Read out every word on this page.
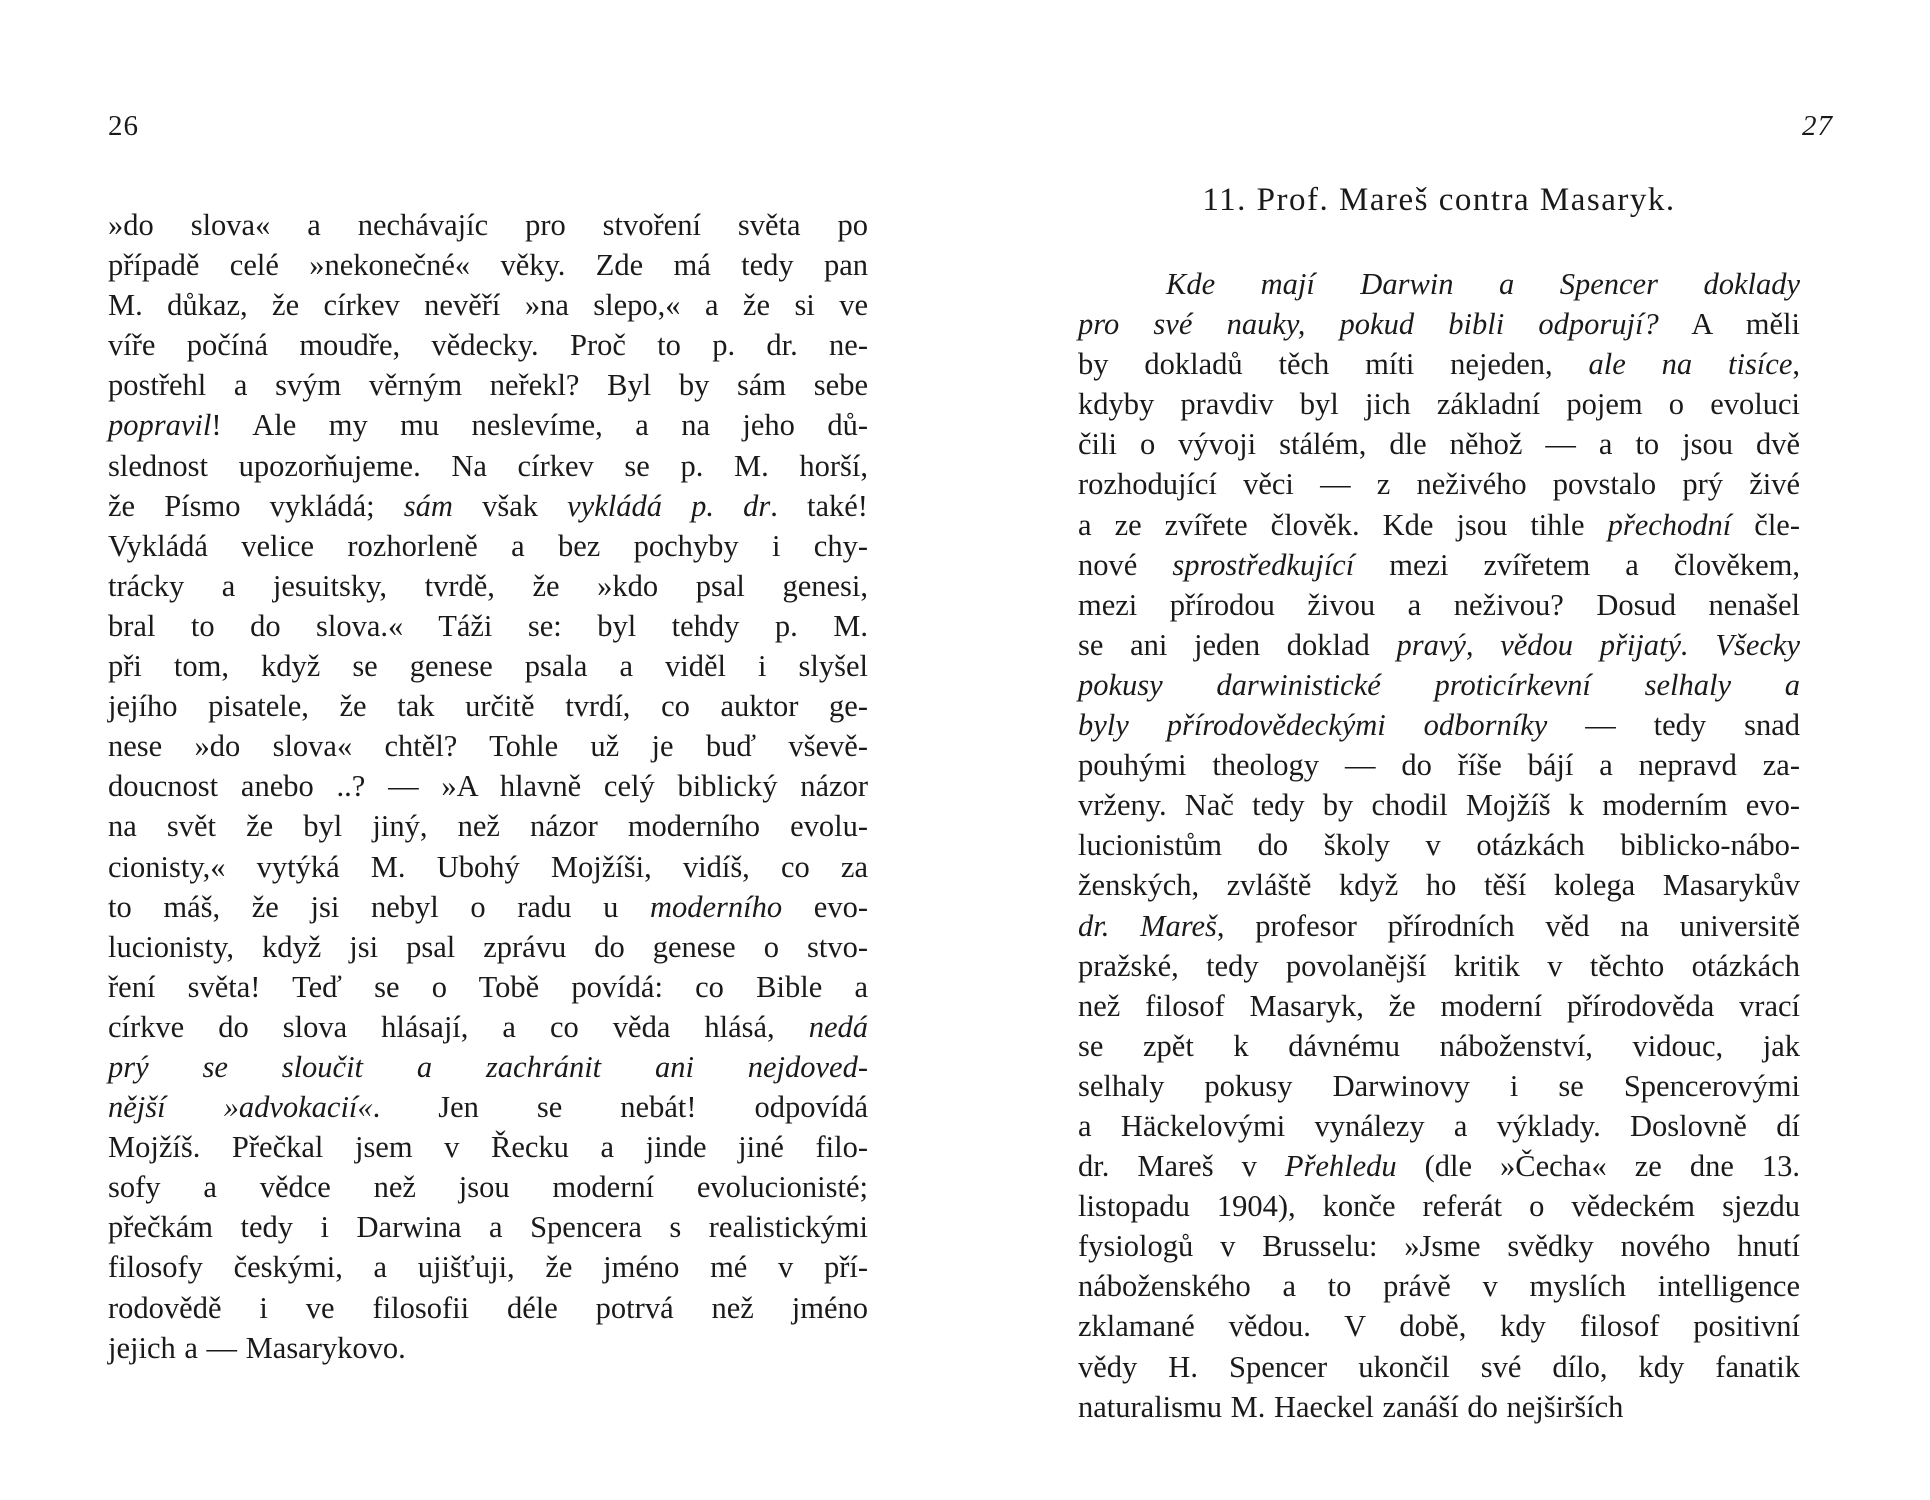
26
»do slova« a nechávajíc pro stvoření světa po
případě celé »nekonečné« věky. Zde má tedy pan
M. důkaz, že církev nevěří »na slepo,« a že si ve
víře počíná moudře, vědecky. Proč to p. dr. ne-
postřehl a svým věrným neřekl? Byl by sám sebe
popravil! Ale my mu neslevíme, a na jeho dů-
slednost upozorňujeme. Na církev se p. M. horší,
že Písmo vykládá; sám však vykládá p. dr. také!
Vykládá velice rozhorleně a bez pochyby i chy-
trácky a jesuitsky, tvrdě, že »kdo psal genesi,
bral to do slova.« Táži se: byl tehdy p. M.
při tom, když se genese psala a viděl i slyšel
jejího pisatele, že tak určitě tvrdí, co auktor ge-
nese »do slova« chtěl? Tohle už je buď vševě-
doucnost anebo ..? — »A hlavně celý biblický názor
na svět že byl jiný, než názor moderního evolu-
cionisty,« vytýká M. Ubohý Mojžíši, vidíš, co za
to máš, že jsi nebyl o radu u moderního evo-
lucionisty, když jsi psal zprávu do genese o stvo-
ření světa! Teď se o Tobě povídá: co Bible a
církve do slova hlásají, a co věda hlásá, nedá
prý se sloučit a zachránit ani nejdoved-
nější »advokacií«. Jen se nebát! odpovídá
Mojžíš. Přečkal jsem v Řecku a jinde jiné filo-
sofy a vědce než jsou moderní evolucionisté;
přečkám tedy i Darwina a Spencera s realistickými
filosofy českými, a ujišťuji, že jméno mé v pří-
rodovědě i ve filosofii déle potrvá než jméno
jejich a — Masarykovo.
27
11. Prof. Mareš contra Masaryk.
Kde mají Darwin a Spencer doklady
pro své nauky, pokud bibli odporují? A měli
by dokladů těch míti nejeden, ale na tisíce,
kdyby pravdiv byl jich základní pojem o evoluci
čili o vývoji stálém, dle něhož — a to jsou dvě
rozhodující věci — z neživého povstalo prý živé
a ze zvířete člověk. Kde jsou tihle přechodní čle-
nové sprostředkující mezi zvířetem a člověkem,
mezi přírodou živou a neživou? Dosud nenašel
se ani jeden doklad pravý, vědou přijatý. Všecky
pokusy darwinistické proticírkevní selhaly a
byly přírodovědeckými odborníky — tedy snad
pouhými theology — do říše bájí a nepravd za-
vrženy. Nač tedy by chodil Mojžíš k moderním evo-
lucionistům do školy v otázkách biblicko-nábo-
ženských, zvláště když ho těší kolega Masarykův
dr. Mareš, profesor přírodních věd na universitě
pražské, tedy povolanější kritik v těchto otázkách
než filosof Masaryk, že moderní přírodověda vrací
se zpět k dávnému náboženství, vidouc, jak
selhaly pokusy Darwinovy i se Spencerovými
a Häckelovými vynálezy a výklady. Doslovně dí
dr. Mareš v Přehledu (dle »Čecha« ze dne 13.
listopadu 1904), konče referát o vědeckém sjezdu
fysiologů v Brusselu: »Jsme svědky nového hnutí
náboženského a to právě v myslích intelligence
zklamané vědou. V době, kdy filosof positivní
vědy H. Spencer ukončil své dílo, kdy fanatik
naturalismu M. Haeckel zanáší do nejširších
